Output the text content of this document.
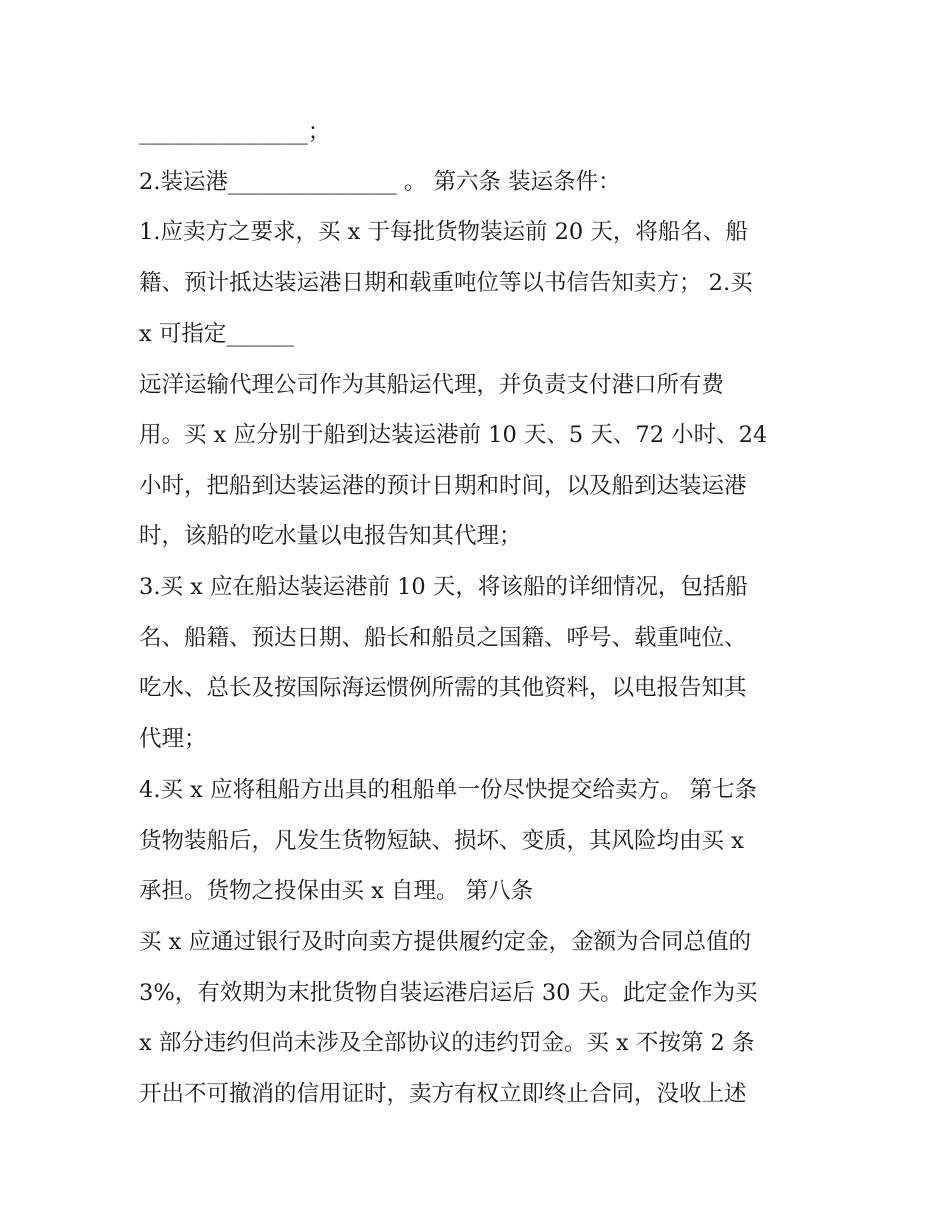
_______________；
2.装运港_______________ 。 第六条 装运条件：
1.应卖方之要求，买 x 于每批货物装运前 20 天，将船名、船
籍、预计抵达装运港日期和载重吨位等以书信告知卖方； 2.买
x 可指定______
远洋运输代理公司作为其船运代理，并负责支付港口所有费
用。买 x 应分别于船到达装运港前 10 天、5 天、72 小时、24
小时，把船到达装运港的预计日期和时间，以及船到达装运港
时，该船的吃水量以电报告知其代理；
3.买 x 应在船达装运港前 10 天，将该船的详细情况，包括船
名、船籍、预达日期、船长和船员之国籍、呼号、载重吨位、
吃水、总长及按国际海运惯例所需的其他资料，以电报告知其
代理；
4.买 x 应将租船方出具的租船单一份尽快提交给卖方。 第七条
货物装船后，凡发生货物短缺、损坏、变质，其风险均由买 x
承担。货物之投保由买 x 自理。 第八条
买 x 应通过银行及时向卖方提供履约定金，金额为合同总值的
3%，有效期为末批货物自装运港启运后 30 天。此定金作为买
x 部分违约但尚未涉及全部协议的违约罚金。买 x 不按第 2 条
开出不可撤消的信用证时，卖方有权立即终止合同，没收上述
